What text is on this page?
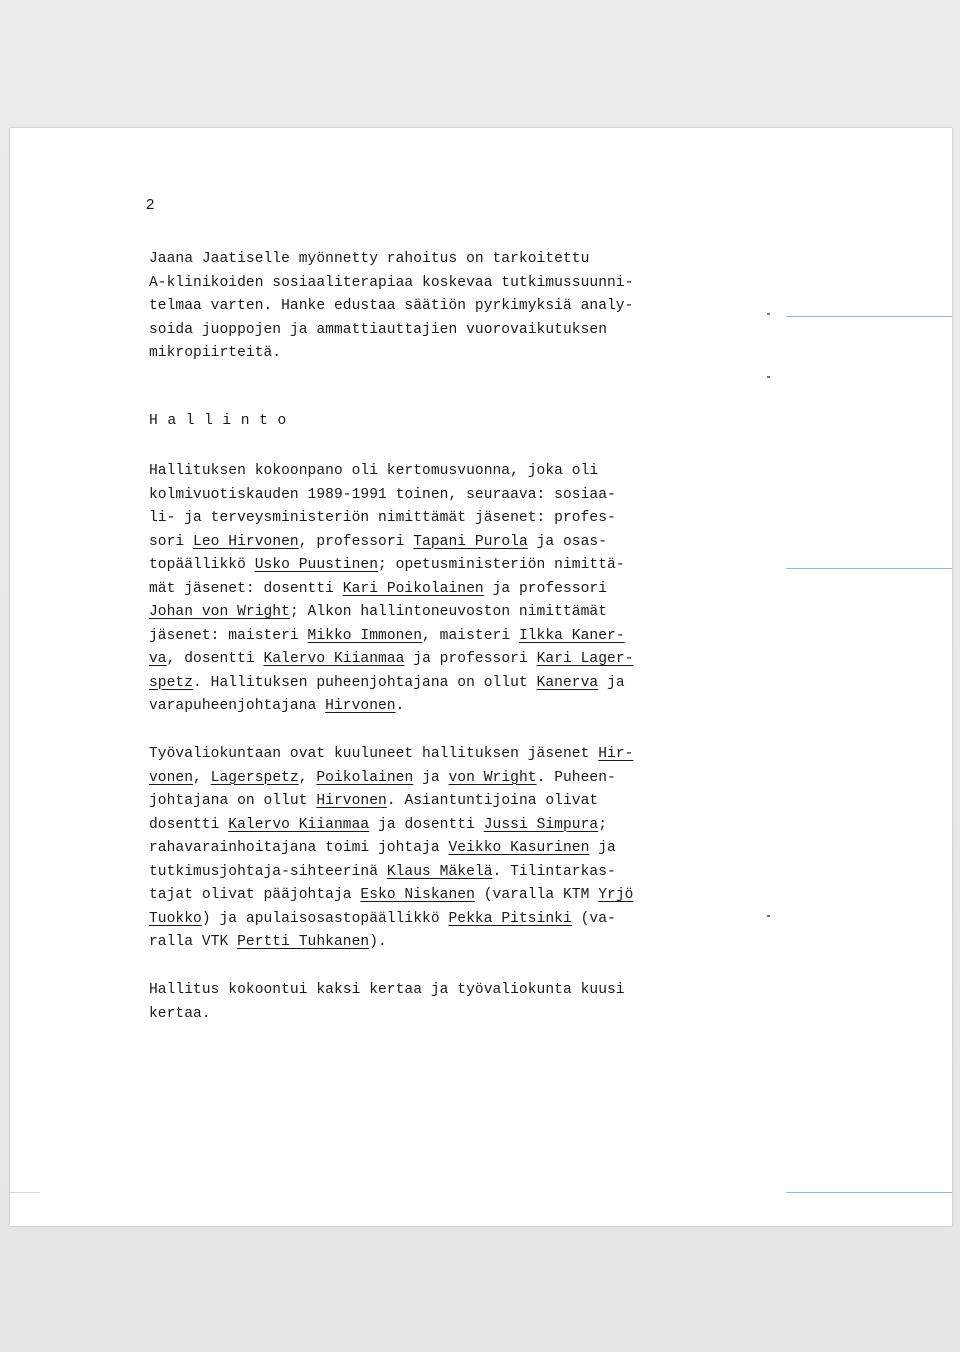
2
Jaana Jaatiselle myönnetty rahoitus on tarkoitettu
A-klinikoiden sosiaaliterapiaa koskevaa tutkimussuunni-
telmaa varten. Hanke edustaa säätiön pyrkimyksiä analy-
soida juoppojen ja ammattiauttajien vuorovaikutuksen
mikropiirteitä.
Hallinto
Hallituksen kokoonpano oli kertomusvuonna, joka oli
kolmivuotiskauden 1989-1991 toinen, seuraava: sosiaa-
li- ja terveysministeriön nimittämät jäsenet: profes-
sori Leo Hirvonen, professori Tapani Purola ja osas-
topäällikkö Usko Puustinen; opetusministeriön nimittä-
mät jäsenet: dosentti Kari Poikolainen ja professori
Johan von Wright; Alkon hallintoneuvoston nimittämät
jäsenet: maisteri Mikko Immonen, maisteri Ilkka Kaner-
va, dosentti Kalervo Kiianmaa ja professori Kari Lager-
spetz. Hallituksen puheenjohtajana on ollut Kanerva ja
varapuheenjohtajana Hirvonen.
Työvaliokuntaan ovat kuuluneet hallituksen jäsenet Hir-
vonen, Lagerspetz, Poikolainen ja von Wright. Puheen-
johtajana on ollut Hirvonen. Asiantuntijoina olivat
dosentti Kalervo Kiianmaa ja dosentti Jussi Simpura;
rahavarainhoitajana toimi johtaja Veikko Kasurinen ja
tutkimusjohtaja-sihteerinä Klaus Mäkelä. Tilintarkas-
tajat olivat pääjohtaja Esko Niskanen (varalla KTM Yrjö
Tuokko) ja apulaisosastopäällikkö Pekka Pitsinki (va-
ralla VTK Pertti Tuhkanen).
Hallitus kokoontui kaksi kertaa ja työvaliokunta kuusi
kertaa.
